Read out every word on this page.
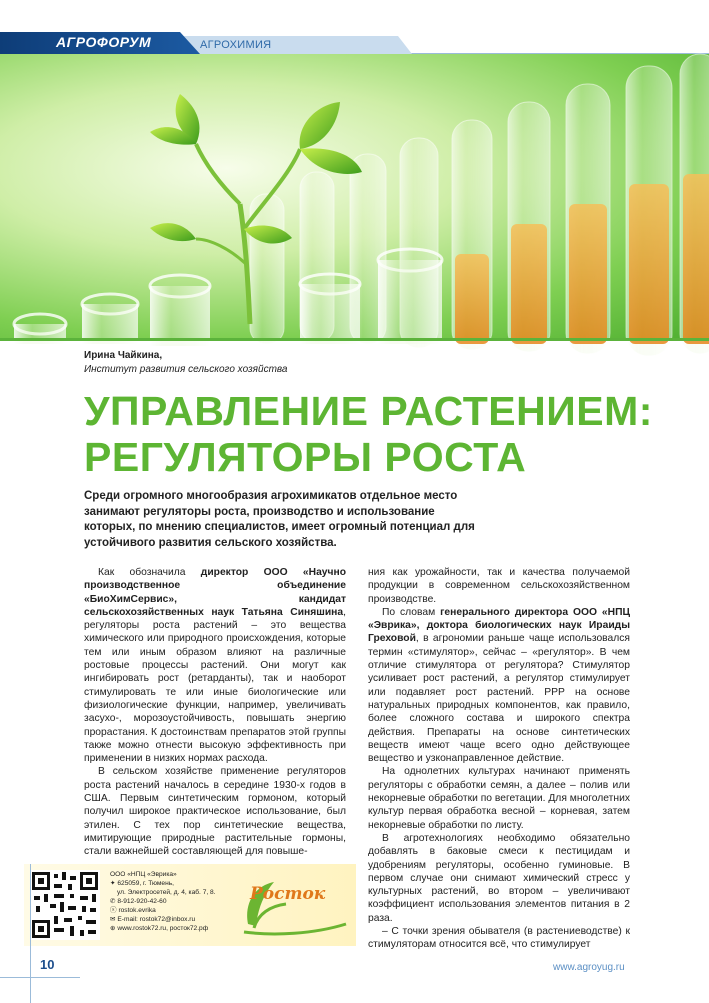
АГРОФОРУМ	АГРОХИМИЯ
Ирина Чайкина,
Институт развития сельского хозяйства
УПРАВЛЕНИЕ РАСТЕНИЕМ:
РЕГУЛЯТОРЫ РОСТА
Среди огромного многообразия агрохимикатов отдельное место занимают регуляторы роста, производство и использование которых, по мнению специалистов, имеет огромный потенциал для устойчивого развития сельского хозяйства.

Как обозначила директор ООО «Научно производственное объединение «БиоХимСервис», кандидат сельскохозяйственных наук Татьяна Синяшина, регуляторы роста растений – это вещества химического или природного происхождения, которые тем или иным образом влияют на различные ростовые процессы растений. Они могут как ингибировать рост (ретарданты), так и наоборот стимулировать те или иные биологические или физиологические функции, например, увеличивать засухо-, морозоустойчивость, повышать энергию прорастания. К достоинствам препаратов этой группы также можно отнести высокую эффективность при применении в низких нормах расхода.

В сельском хозяйстве применение регуляторов роста растений началось в середине 1930-х годов в США. Первым синтетическим гормоном, который получил широкое практическое использование, был этилен. С тех пор синтетические вещества, имитирующие природные растительные гормоны, стали важнейшей составляющей для повыше-

ния как урожайности, так и качества получаемой продукции в современном сельскохозяйственном производстве.

По словам генерального директора ООО «НПЦ «Эврика», доктора биологических наук Ираиды Греховой, в агрономии раньше чаще использовался термин «стимулятор», сейчас – «регулятор». В чем отличие стимулятора от регулятора? Стимулятор усиливает рост растений, а регулятор стимулирует или подавляет рост растений. РРР на основе натуральных природных компонентов, как правило, более сложного состава и широкого спектра действия. Препараты на основе синтетических веществ имеют чаще всего одно действующее вещество и узконаправленное действие.

На однолетних культурах начинают применять регуляторы с обработки семян, а далее – полив или некорневые обработки по вегетации. Для многолетних культур первая обработка весной – корневая, затем некорневые обработки по листу.

В агротехнологиях необходимо обязательно добавлять в баковые смеси к пестицидам и удобрениям регуляторы, особенно гуминовые. В первом случае они снимают химический стресс у культурных растений, во втором – увеличивают коэффициент использования элементов питания в 2 раза.

– С точки зрения обывателя (в растениеводстве) к стимуляторам относится всё, что стимулирует

ООО «НПЦ «Эврика»
✦ 625059, г. Тюмень,
ул. Электросетей, д. 4, каб. 7, 8.
✆ 8-912-920-42-60
ⓢ rostok.evrika
✉ E-mail: rostok72@inbox.ru
⊕ www.rostok72.ru, росток72.рф
Росток
10	www.agroyug.ru
